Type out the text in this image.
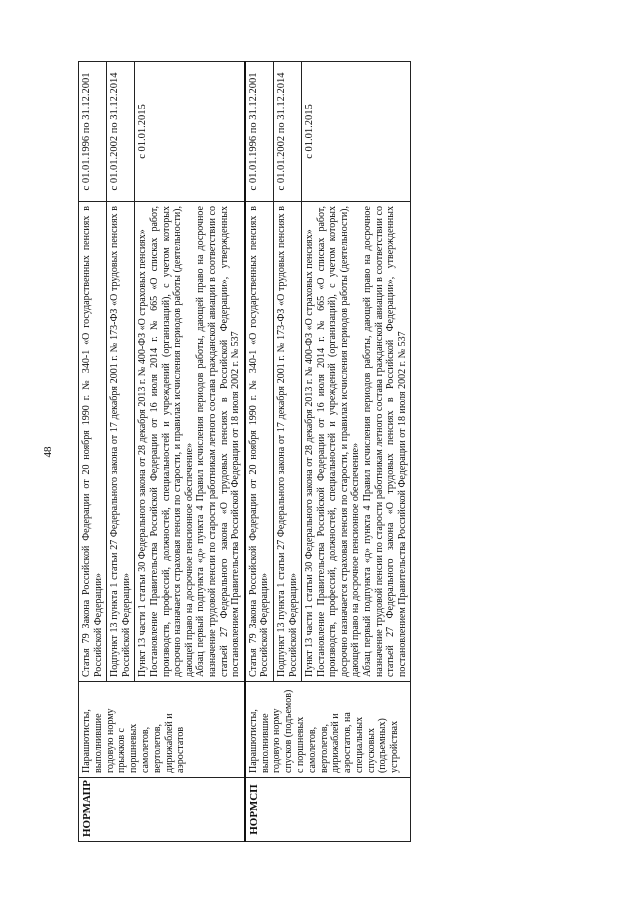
48
НОРМАПР	Парашютисты, выполнившие годовую норму прыжков с поршневых самолетов, вертолетов, дирижаблей и аэростатов	Статья 79 Закона Российской Федерации от 20 ноября 1990 г. № 340-1 «О государственных пенсиях в Российской Федерации»	с 01.01.1996 по 31.12.2001

		Подпункт 13 пункта 1 статьи 27 Федерального закона от 17 декабря 2001 г. № 173-ФЗ «О трудовых пенсиях в Российской Федерации»	с 01.01.2002 по 31.12.2014

		Пункт 13 части 1 статьи 30 Федерального закона от 28 декабря 2013 г. № 400-ФЗ «О страховых пенсиях» Постановление Правительства Российской Федерации от 16 июля 2014 г. № 665 «О списках работ, производств, профессий, должностей, специальностей и учреждений (организаций), с учетом которых досрочно назначается страховая пенсия по старости, и правилах исчисления периодов работы (деятельности), дающей право на досрочное пенсионное обеспечение» Абзац первый подпункта «д» пункта 4 Правил исчисления периодов работы, дающей право на досрочное назначение трудовой пенсии по старости работникам летного состава гражданской авиации в соответствии со статьей 27 Федерального закона «О трудовых пенсиях в Российской Федерации», утвержденных постановлением Правительства Российской Федерации от 18 июля 2002 г. № 537	с 01.01.2015
НОРМСП	Парашютисты, выполнившие годовую норму спусков (подъемов) с поршневых самолетов, вертолетов, дирижаблей и аэростатов, на специальных спусковых (подъемных) устройствах	Статья 79 Закона Российской Федерации от 20 ноября 1990 г. № 340-1 «О государственных пенсиях в Российской Федерации»	с 01.01.1996 по 31.12.2001

		Подпункт 13 пункта 1 статьи 27 Федерального закона от 17 декабря 2001 г. № 173-ФЗ «О трудовых пенсиях в Российской Федерации»	с 01.01.2002 по 31.12.2014

		Пункт 13 части 1 статьи 30 Федерального закона от 28 декабря 2013 г. № 400-ФЗ «О страховых пенсиях» Постановление Правительства Российской Федерации от 16 июля 2014 г. № 665 «О списках работ, производств, профессий, должностей, специальностей и учреждений (организаций), с учетом которых досрочно назначается страховая пенсия по старости, и правилах исчисления периодов работы (деятельности), дающей право на досрочное пенсионное обеспечение» Абзац первый подпункта «д» пункта 4 Правил исчисления периодов работы, дающей право на досрочное назначение трудовой пенсии по старости работникам летного состава гражданской авиации в соответствии со статьей 27 Федерального закона «О трудовых пенсиях в Российской Федерации», утвержденных постановлением Правительства Российской Федерации от 18 июля 2002 г. № 537	с 01.01.2015
